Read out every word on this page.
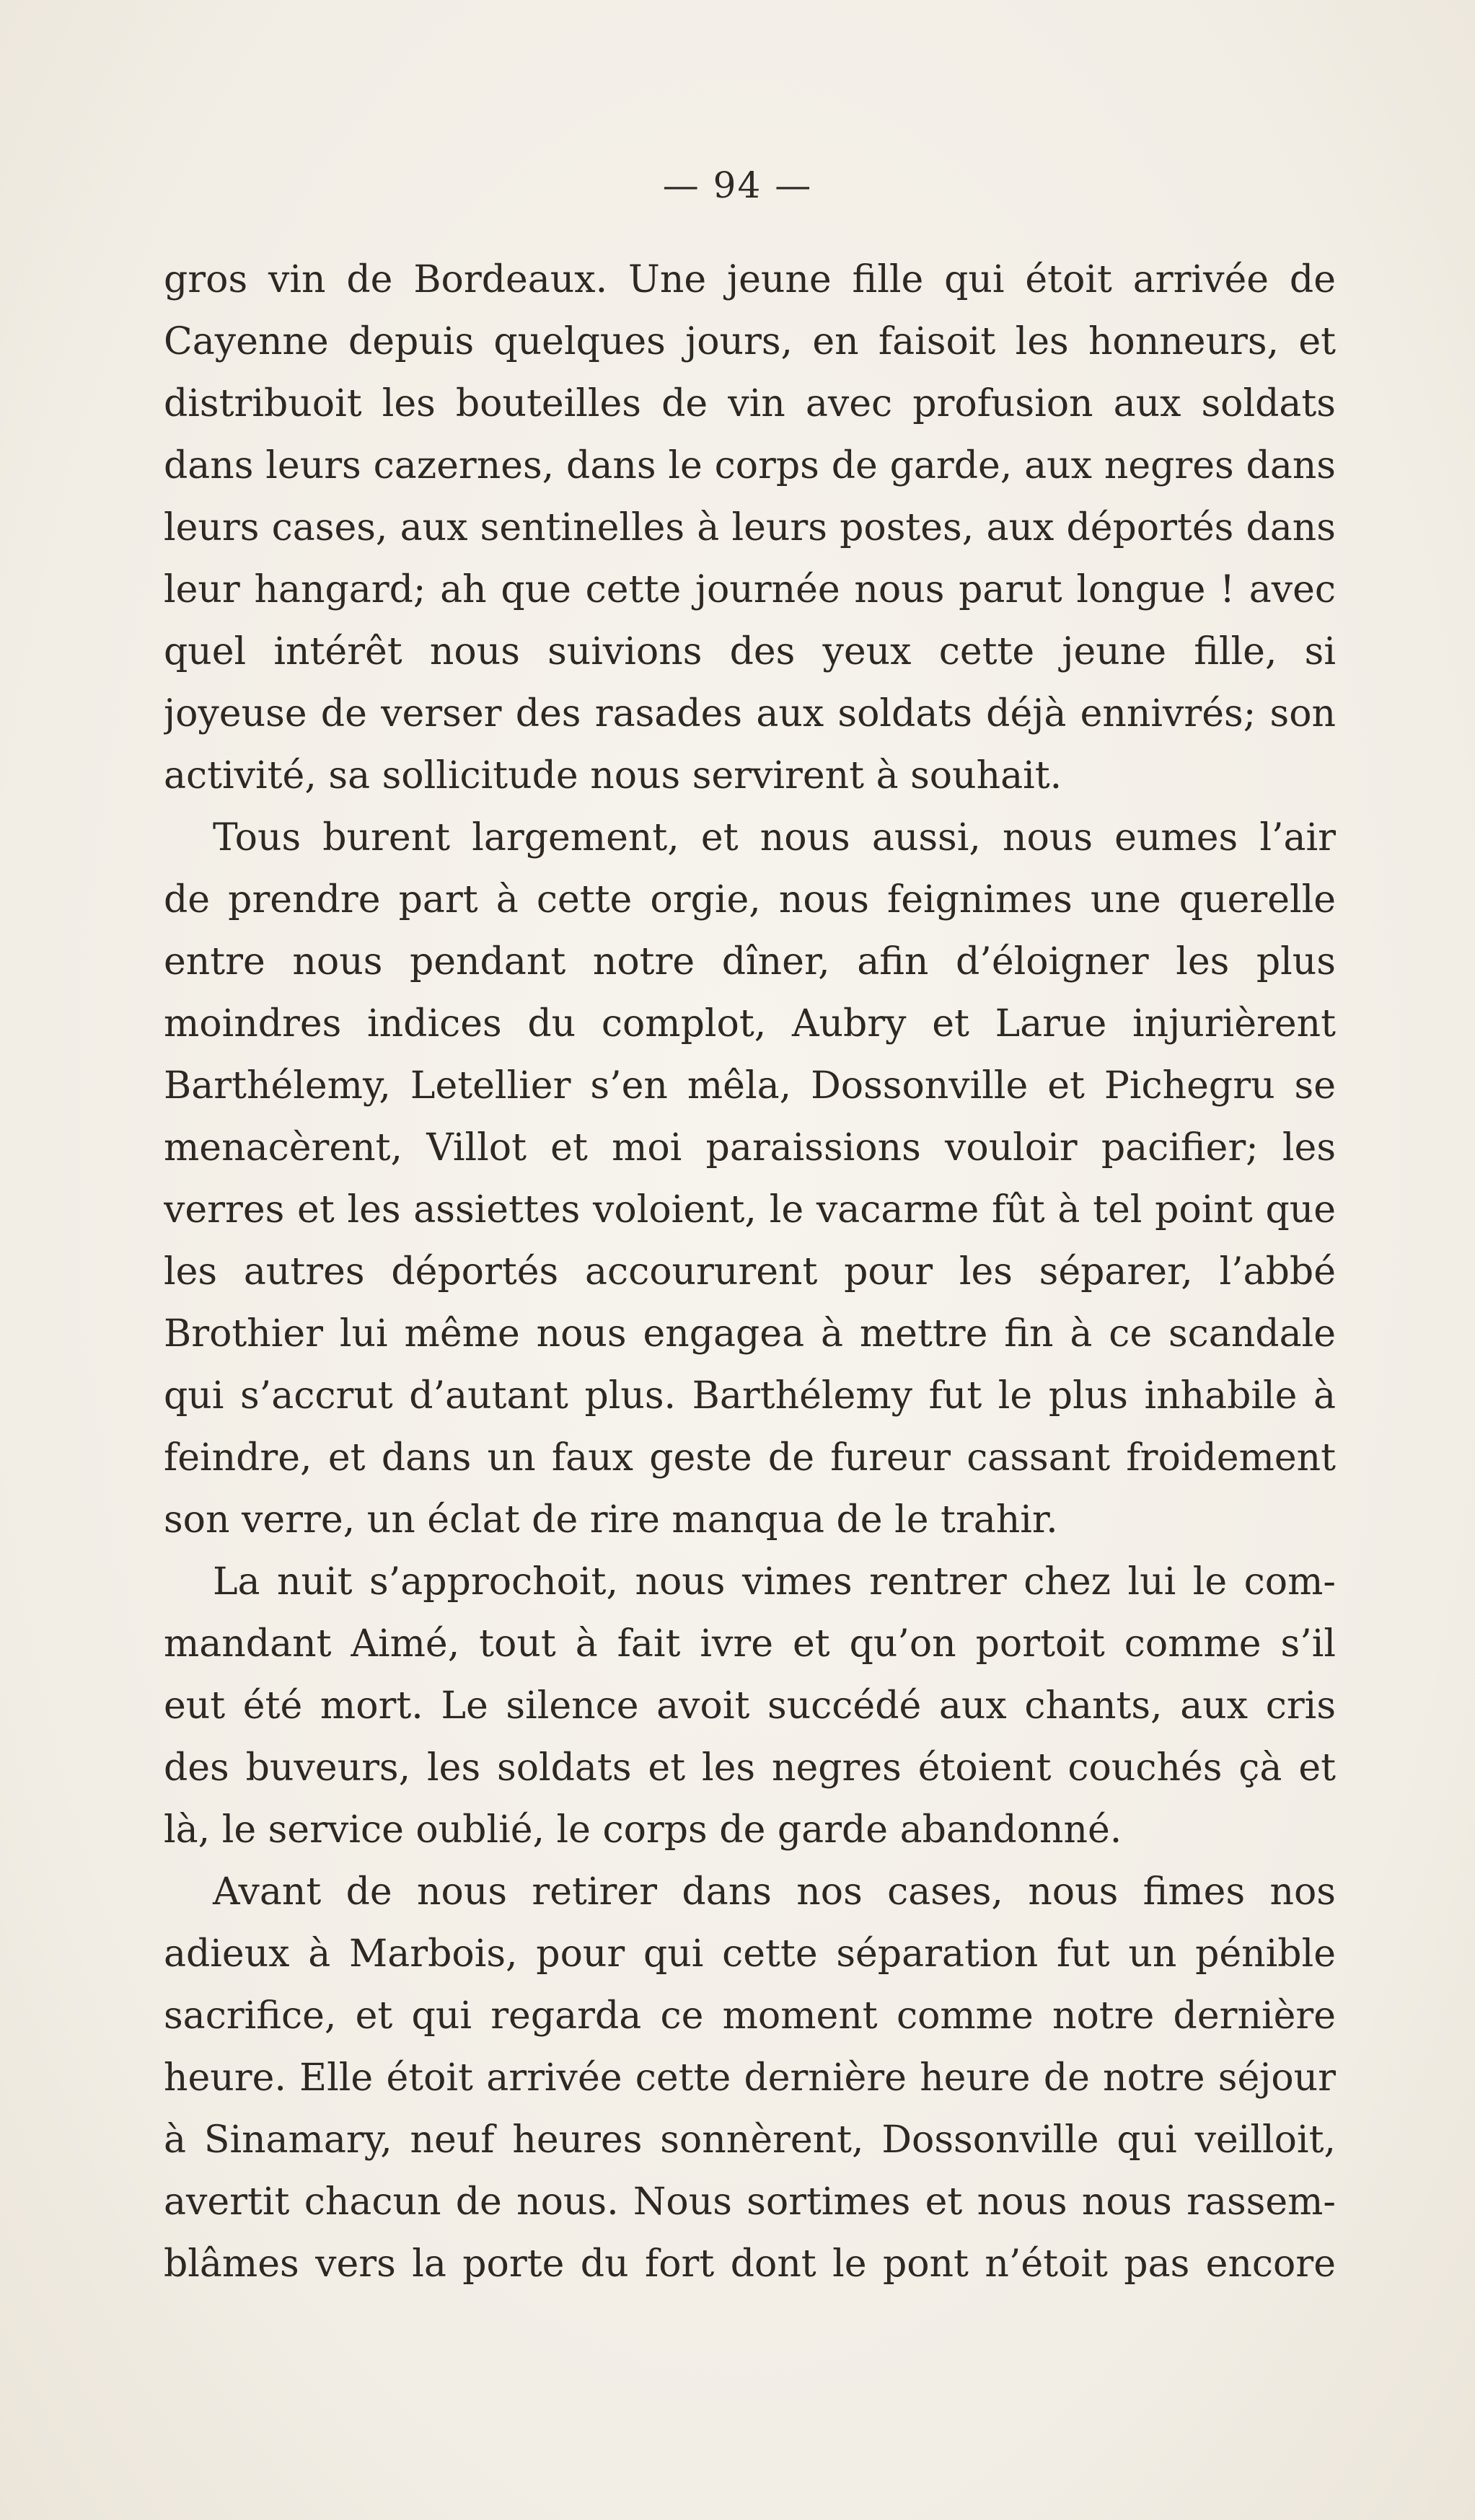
— 94 —
gros vin de Bordeaux. Une jeune fille qui étoit arrivée de
Cayenne depuis quelques jours, en faisoit les honneurs, et
distribuoit les bouteilles de vin avec profusion aux soldats
dans leurs cazernes, dans le corps de garde, aux negres dans
leurs cases, aux sentinelles à leurs postes, aux déportés dans
leur hangard; ah que cette journée nous parut longue ! avec
quel intérêt nous suivions des yeux cette jeune fille, si
joyeuse de verser des rasades aux soldats déjà ennivrés; son
activité, sa sollicitude nous servirent à souhait.
Tous burent largement, et nous aussi, nous eumes l’air
de prendre part à cette orgie, nous feignimes une querelle
entre nous pendant notre dîner, afin d’éloigner les plus
moindres indices du complot, Aubry et Larue injurièrent
Barthélemy, Letellier s’en mêla, Dossonville et Pichegru se
menacèrent, Villot et moi paraissions vouloir pacifier; les
verres et les assiettes voloient, le vacarme fût à tel point que
les autres déportés accoururent pour les séparer, l’abbé
Brothier lui même nous engagea à mettre fin à ce scandale
qui s’accrut d’autant plus. Barthélemy fut le plus inhabile à
feindre, et dans un faux geste de fureur cassant froidement
son verre, un éclat de rire manqua de le trahir.
La nuit s’approchoit, nous vimes rentrer chez lui le com-
mandant Aimé, tout à fait ivre et qu’on portoit comme s’il
eut été mort. Le silence avoit succédé aux chants, aux cris
des buveurs, les soldats et les negres étoient couchés çà et
là, le service oublié, le corps de garde abandonné.
Avant de nous retirer dans nos cases, nous fimes nos
adieux à Marbois, pour qui cette séparation fut un pénible
sacrifice, et qui regarda ce moment comme notre dernière
heure. Elle étoit arrivée cette dernière heure de notre séjour
à Sinamary, neuf heures sonnèrent, Dossonville qui veilloit,
avertit chacun de nous. Nous sortimes et nous nous rassem-
blâmes vers la porte du fort dont le pont n’étoit pas encore
